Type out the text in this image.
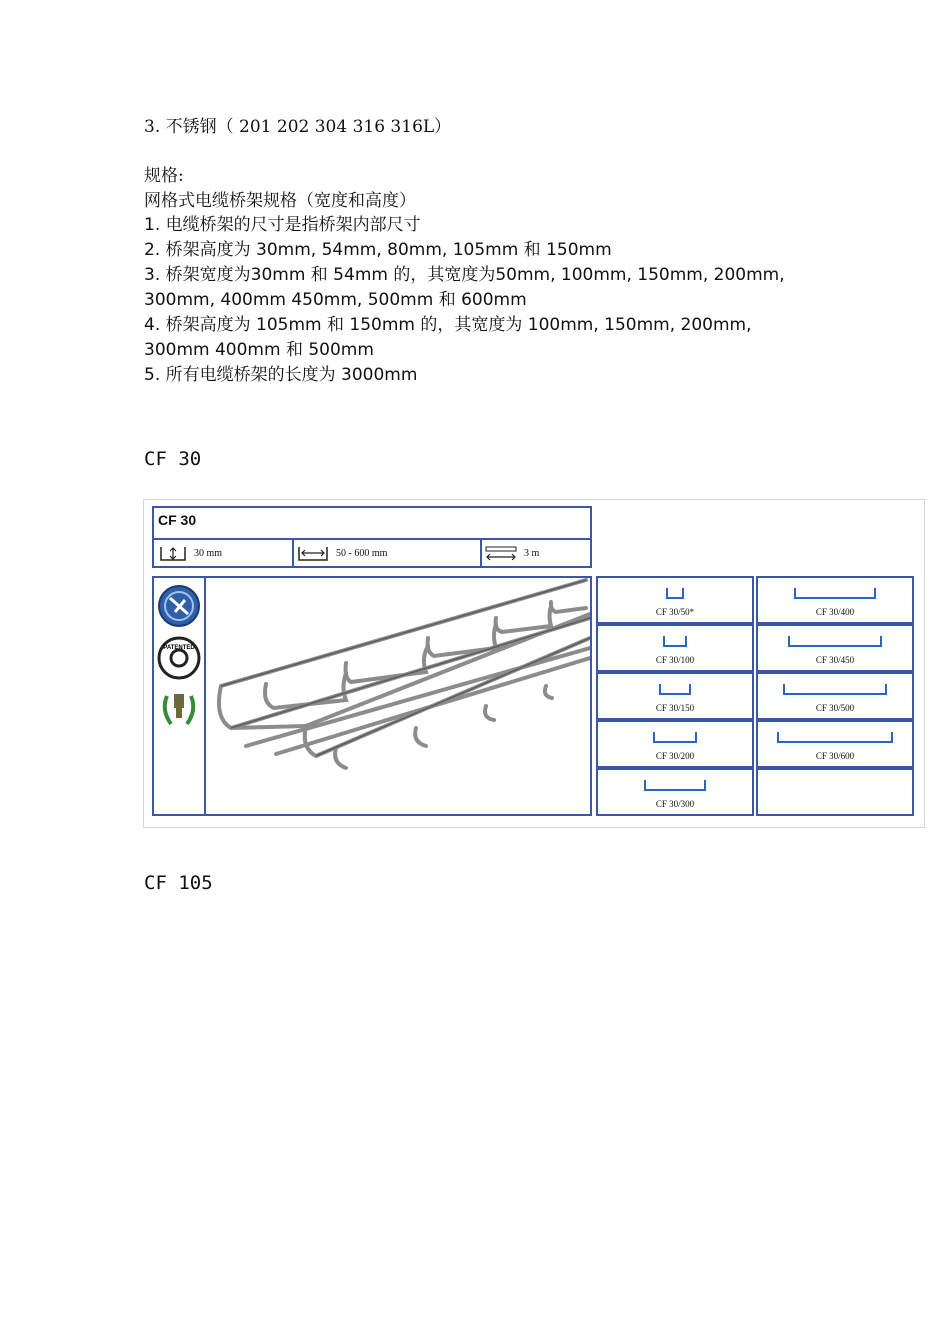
3. 不锈钢（ 201 202 304 316 316L）
规格:
网格式电缆桥架规格（宽度和高度）
1. 电缆桥架的尺寸是指桥架内部尺寸
2. 桥架高度为 30mm, 54mm, 80mm, 105mm 和 150mm
3. 桥架宽度为30mm 和 54mm 的，其宽度为50mm, 100mm, 150mm, 200mm,
300mm, 400mm 450mm, 500mm 和 600mm
4. 桥架高度为 105mm 和 150mm 的，其宽度为 100mm, 150mm, 200mm,
300mm 400mm 和 500mm
5. 所有电缆桥架的长度为 3000mm
CF 30
CF 30
30 mm	50 - 600 mm	3 m
PATENTED
CF 30/50*	CF 30/400
CF 30/100	CF 30/450
CF 30/150	CF 30/500
CF 30/200	CF 30/600
CF 30/300
CF 105
